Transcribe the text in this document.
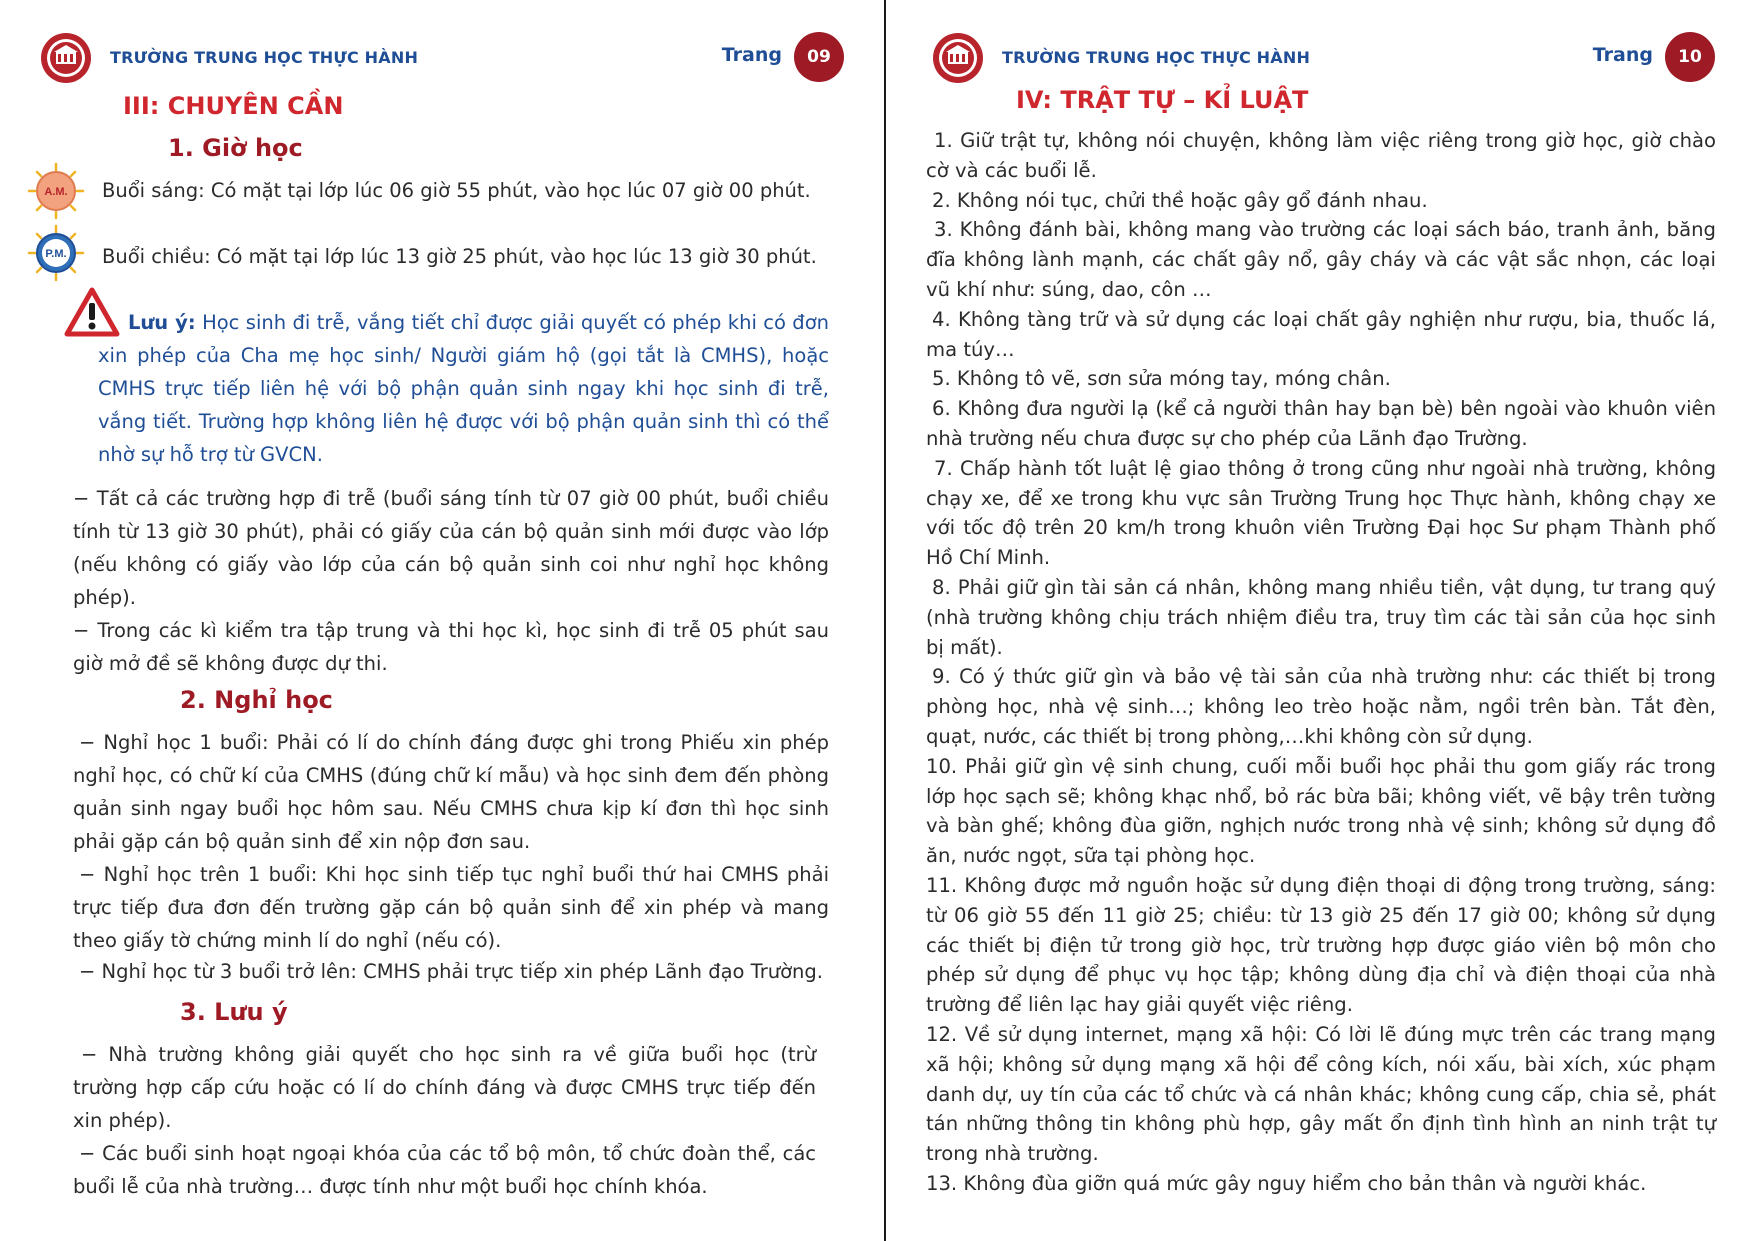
TRƯỜNG TRUNG HỌC THỰC HÀNH	Trang	09
III: CHUYÊN CẦN
1. Giờ học
A.M. Buổi sáng: Có mặt tại lớp lúc 06 giờ 55 phút, vào học lúc 07 giờ 00 phút.
P.M. Buổi chiều: Có mặt tại lớp lúc 13 giờ 25 phút, vào học lúc 13 giờ 30 phút.
Lưu ý: Học sinh đi trễ, vắng tiết chỉ được giải quyết có phép khi có đơn xin phép của Cha mẹ học sinh/ Người giám hộ (gọi tắt là CMHS), hoặc CMHS trực tiếp liên hệ với bộ phận quản sinh ngay khi học sinh đi trễ, vắng tiết. Trường hợp không liên hệ được với bộ phận quản sinh thì có thể nhờ sự hỗ trợ từ GVCN.
− Tất cả các trường hợp đi trễ (buổi sáng tính từ 07 giờ 00 phút, buổi chiều tính từ 13 giờ 30 phút), phải có giấy của cán bộ quản sinh mới được vào lớp (nếu không có giấy vào lớp của cán bộ quản sinh coi như nghỉ học không phép).
− Trong các kì kiểm tra tập trung và thi học kì, học sinh đi trễ 05 phút sau giờ mở đề sẽ không được dự thi.
2. Nghỉ học
− Nghỉ học 1 buổi: Phải có lí do chính đáng được ghi trong Phiếu xin phép nghỉ học, có chữ kí của CMHS (đúng chữ kí mẫu) và học sinh đem đến phòng quản sinh ngay buổi học hôm sau. Nếu CMHS chưa kịp kí đơn thì học sinh phải gặp cán bộ quản sinh để xin nộp đơn sau.
− Nghỉ học trên 1 buổi: Khi học sinh tiếp tục nghỉ buổi thứ hai CMHS phải trực tiếp đưa đơn đến trường gặp cán bộ quản sinh để xin phép và mang theo giấy tờ chứng minh lí do nghỉ (nếu có).
− Nghỉ học từ 3 buổi trở lên: CMHS phải trực tiếp xin phép Lãnh đạo Trường.
3. Lưu ý
− Nhà trường không giải quyết cho học sinh ra về giữa buổi học (trừ trường hợp cấp cứu hoặc có lí do chính đáng và được CMHS trực tiếp đến xin phép).
− Các buổi sinh hoạt ngoại khóa của các tổ bộ môn, tổ chức đoàn thể, các buổi lễ của nhà trường… được tính như một buổi học chính khóa.
TRƯỜNG TRUNG HỌC THỰC HÀNH	Trang	10
IV: TRẬT TỰ – KỈ LUẬT
1. Giữ trật tự, không nói chuyện, không làm việc riêng trong giờ học, giờ chào cờ và các buổi lễ.
2. Không nói tục, chửi thề hoặc gây gổ đánh nhau.
3. Không đánh bài, không mang vào trường các loại sách báo, tranh ảnh, băng đĩa không lành mạnh, các chất gây nổ, gây cháy và các vật sắc nhọn, các loại vũ khí như: súng, dao, côn …
4. Không tàng trữ và sử dụng các loại chất gây nghiện như rượu, bia, thuốc lá, ma túy…
5. Không tô vẽ, sơn sửa móng tay, móng chân.
6. Không đưa người lạ (kể cả người thân hay bạn bè) bên ngoài vào khuôn viên nhà trường nếu chưa được sự cho phép của Lãnh đạo Trường.
7. Chấp hành tốt luật lệ giao thông ở trong cũng như ngoài nhà trường, không chạy xe, để xe trong khu vực sân Trường Trung học Thực hành, không chạy xe với tốc độ trên 20 km/h trong khuôn viên Trường Đại học Sư phạm Thành phố Hồ Chí Minh.
8. Phải giữ gìn tài sản cá nhân, không mang nhiều tiền, vật dụng, tư trang quý (nhà trường không chịu trách nhiệm điều tra, truy tìm các tài sản của học sinh bị mất).
9. Có ý thức giữ gìn và bảo vệ tài sản của nhà trường như: các thiết bị trong phòng học, nhà vệ sinh…; không leo trèo hoặc nằm, ngồi trên bàn. Tắt đèn, quạt, nước, các thiết bị trong phòng,…khi không còn sử dụng.
10. Phải giữ gìn vệ sinh chung, cuối mỗi buổi học phải thu gom giấy rác trong lớp học sạch sẽ; không khạc nhổ, bỏ rác bừa bãi; không viết, vẽ bậy trên tường và bàn ghế; không đùa giỡn, nghịch nước trong nhà vệ sinh; không sử dụng đồ ăn, nước ngọt, sữa tại phòng học.
11. Không được mở nguồn hoặc sử dụng điện thoại di động trong trường, sáng: từ 06 giờ 55 đến 11 giờ 25; chiều: từ 13 giờ 25 đến 17 giờ 00; không sử dụng các thiết bị điện tử trong giờ học, trừ trường hợp được giáo viên bộ môn cho phép sử dụng để phục vụ học tập; không dùng địa chỉ và điện thoại của nhà trường để liên lạc hay giải quyết việc riêng.
12. Về sử dụng internet, mạng xã hội: Có lời lẽ đúng mực trên các trang mạng xã hội; không sử dụng mạng xã hội để công kích, nói xấu, bài xích, xúc phạm danh dự, uy tín của các tổ chức và cá nhân khác; không cung cấp, chia sẻ, phát tán những thông tin không phù hợp, gây mất ổn định tình hình an ninh trật tự trong nhà trường.
13. Không đùa giỡn quá mức gây nguy hiểm cho bản thân và người khác.
